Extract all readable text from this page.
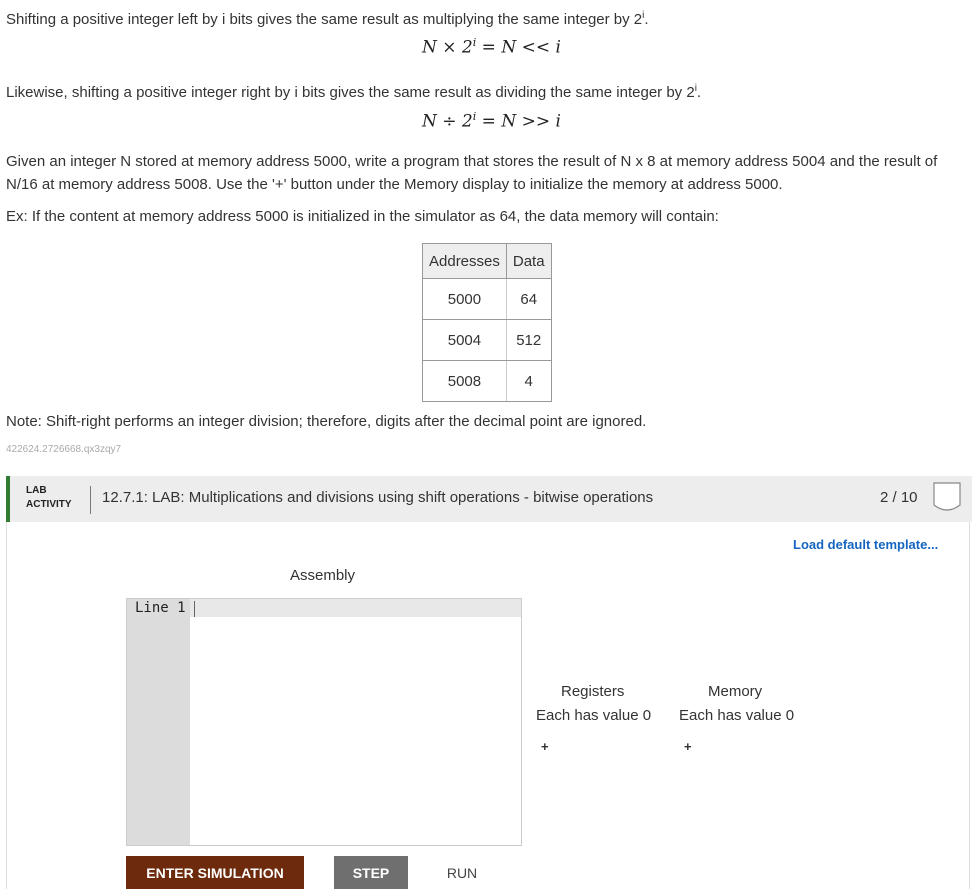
Shifting a positive integer left by i bits gives the same result as multiplying the same integer by 2$^i$.
$N \times 2^i = N << i$
Likewise, shifting a positive integer right by i bits gives the same result as dividing the same integer by 2$^i$.
$N \div 2^i = N >> i$
Given an integer N stored at memory address 5000, write a program that stores the result of N x 8 at memory address 5004 and the result of N/16 at memory address 5008. Use the '+' button under the Memory display to initialize the memory at address 5000.
Ex: If the content at memory address 5000 is initialized in the simulator as 64, the data memory will contain:
Addresses	Data
5000	64
5004	512
5008	4
Note: Shift-right performs an integer division; therefore, digits after the decimal point are ignored.
422624.2726668.qx3zqy7
LAB
ACTIVITY 12.7.1: LAB: Multiplications and divisions using shift operations - bitwise operations	2 / 10
Load default template...
Assembly
Line 1
Registers
Each has value 0
+
Memory
Each has value 0
+
ENTER SIMULATION	STEP	RUN
